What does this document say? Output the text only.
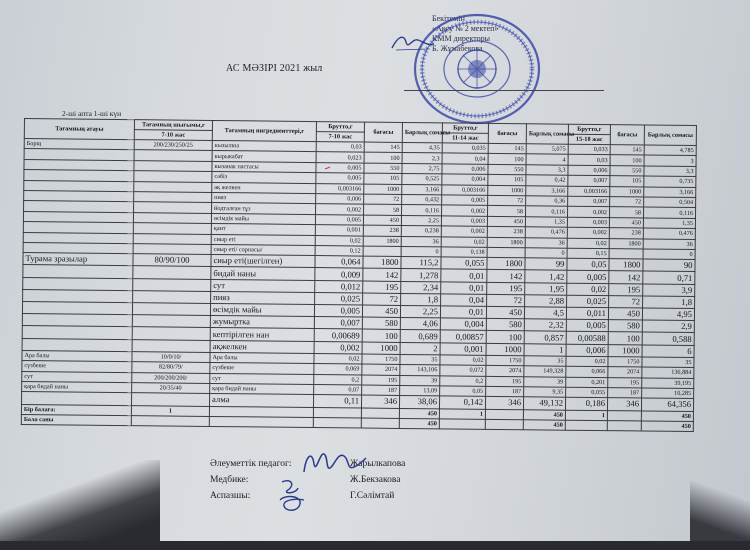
Бекітемін
«Ақсу № 2 мектеп»
КММ директоры
Б. Жұмабекова
АС МӘЗІРІ 2021 жыл
2-ші апта 1-ші күн
Тағамның атауы	Тағамның шығымы,г	Тағамның ингредиенттері,г	Брутто,г	бағасы	Барлық сомасы	Брутто,г	бағасы	Барлық сомасы	Брутто,г	бағасы	Барлық сомасы
	7-10 жас		7-10 жас			11-14 жас			15-18 жас		
Борщ	200/230/250/25	кызылша	0,03	145	4,35	0,035	145	5,075	0,033	145	4,785
		кырыкабат	0,023	100	2,3	0,04	100	4	0,03	100	3
		кызанак пастасы	0,005	550	2,75	0,006	550	3,3	0,006	550	3,3
		сәбіз	0,005	105	0,525	0,004	105	0,42	0,007	105	0,735
		ақ желкен	0,003166	1000	3,166	0,003166	1000	3,166	0,003166	1000	3,166
		пияз	0,006	72	0,432	0,005	72	0,36	0,007	72	0,504
		йодталған тұз	0,002	58	0,116	0,002	58	0,116	0,002	58	0,116
		өсімдік майы	0,005	450	2,25	0,003	450	1,35	0,003	450	1,35
		қант	0,001	238	0,238	0,002	238	0,476	0,002	238	0,476
		сиыр еті	0,02	1800	36	0,02	1800	36	0,02	1800	36
		сиыр еті/ сорпасы/	0,12		0	0,138		0	0,15		0
Турама зразылар	80/90/100	сиыр еті(шегілген)	0,064	1800	115,2	0,055	1800	99	0,05	1800	90
		бидай наны	0,009	142	1,278	0,01	142	1,42	0,005	142	0,71
		сут	0,012	195	2,34	0,01	195	1,95	0,02	195	3,9
		пияз	0,025	72	1,8	0,04	72	2,88	0,025	72	1,8
		өсімдік майы	0,005	450	2,25	0,01	450	4,5	0,011	450	4,95
		жумыртка	0,007	580	4,06	0,004	580	2,32	0,005	580	2,9
		кептірілген нан	0,00689	100	0,689	0,00857	100	0,857	0,00588	100	0,588
		ақжелкен	0,002	1000	2	0,001	1000	1	0,006	1000	6
Ара балы	10/0/10/	Ара балы	0,02	1750	35	0,02	1750	35	0,02	1750	35
сүзбеше	82/80/79/	сүзбеше	0,069	2074	143,106	0,072	2074	149,328	0,066	2074	136,884
сут	200/200/200/	сут	0,2	195	39	0,2	195	39	0,201	195	39,195
қара бидай наны	20/35/40	қара бидай наны	0,07	187	13,09	0,05	187	9,35	0,055	187	10,285
		алма	0,11	346	38,06	0,142	346	49,132	0,186	346	64,356
Бір балаға:	1				450	1		450	1		450
Бала саны					450			450			450
Әлеуметтік педагог:	Жарылкапова
Медбике:	Ж.Бекзакова
Аспазшы:	Г.Сәлімтай
